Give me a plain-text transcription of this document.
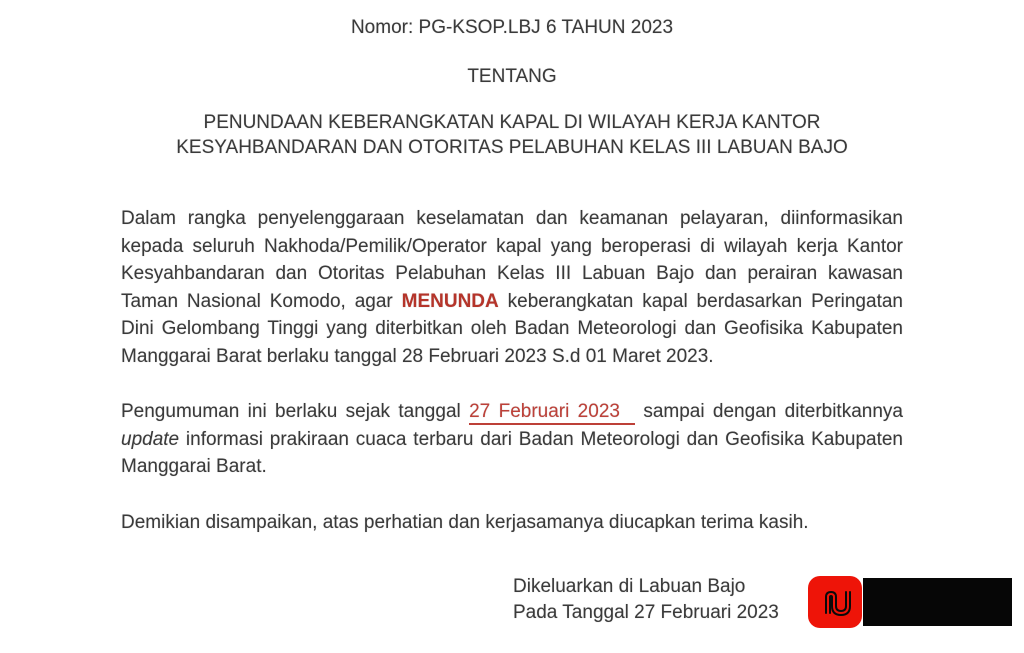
Nomor: PG-KSOP.LBJ 6 TAHUN 2023

TENTANG

PENUNDAAN KEBERANGKATAN KAPAL DI WILAYAH KERJA KANTOR
KESYAHBANDARAN DAN OTORITAS PELABUHAN KELAS III LABUAN BAJO

Dalam rangka penyelenggaraan keselamatan dan keamanan pelayaran, diinformasikan kepada seluruh Nakhoda/Pemilik/Operator kapal yang beroperasi di wilayah kerja Kantor Kesyahbandaran dan Otoritas Pelabuhan Kelas III Labuan Bajo dan perairan kawasan Taman Nasional Komodo, agar MENUNDA keberangkatan kapal berdasarkan Peringatan Dini Gelombang Tinggi yang diterbitkan oleh Badan Meteorologi dan Geofisika Kabupaten Manggarai Barat berlaku tanggal 28 Februari 2023 S.d 01 Maret 2023.

Pengumuman ini berlaku sejak tanggal 27 Februari 2023 sampai dengan diterbitkannya update informasi prakiraan cuaca terbaru dari Badan Meteorologi dan Geofisika Kabupaten Manggarai Barat.

Demikian disampaikan, atas perhatian dan kerjasamanya diucapkan terima kasih.

Dikeluarkan di Labuan Bajo

Pada Tanggal 27 Februari 2023
